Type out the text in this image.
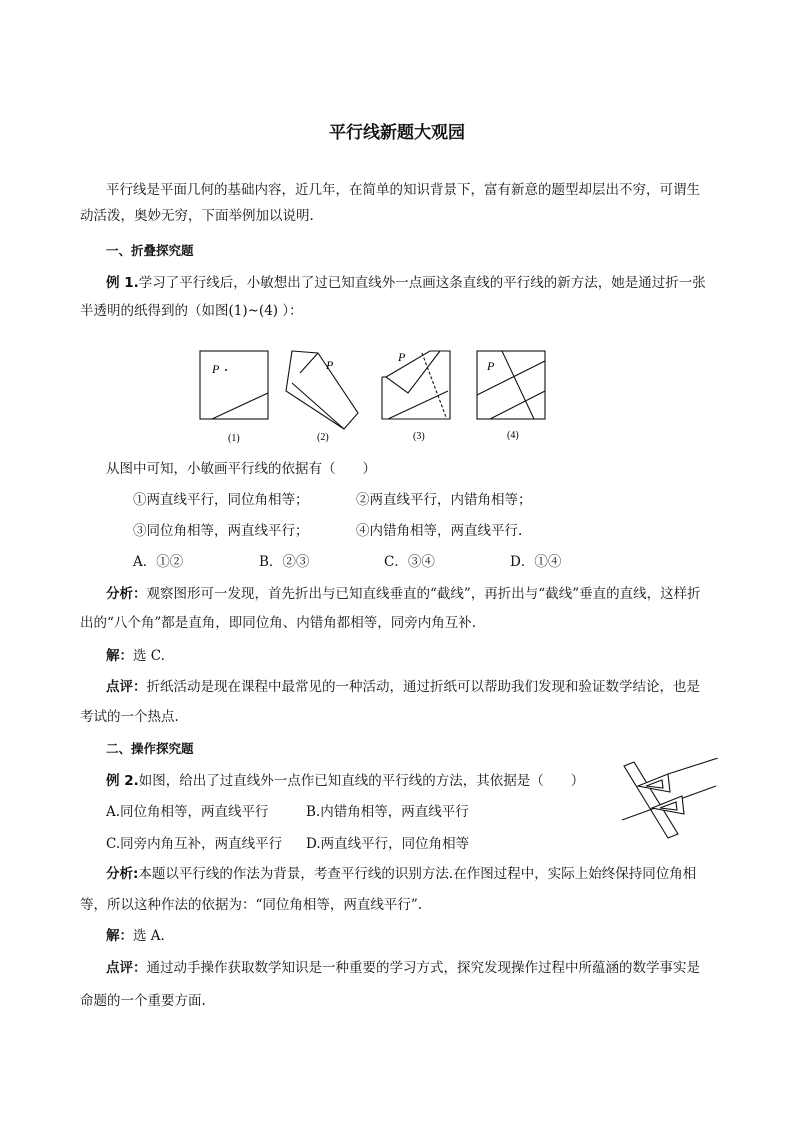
平行线新题大观园
平行线是平面几何的基础内容，近几年，在简单的知识背景下，富有新意的题型却层出不穷，可谓生
动活泼，奥妙无穷，下面举例加以说明.
一、折叠探究题
例 1.学习了平行线后，小敏想出了过已知直线外一点画这条直线的平行线的新方法，她是通过折一张
半透明的纸得到的（如图(1)~(4) ）：
P	P
P
P
(1)	(2)	(3)	(4)
从图中可知，小敏画平行线的依据有（　　）
①两直线平行，同位角相等；	②两直线平行，内错角相等；
③同位角相等，两直线平行；	④内错角相等，两直线平行.
A．①②	B．②③	C．③④	D．①④
分析：观察图形可一发现，首先折出与已知直线垂直的“截线”，再折出与“截线”垂直的直线，这样折
出的“八个角”都是直角，即同位角、内错角都相等，同旁内角互补.
解：选 C.
点评：折纸活动是现在课程中最常见的一种活动，通过折纸可以帮助我们发现和验证数学结论，也是
考试的一个热点.
二、操作探究题
例 2.如图，给出了过直线外一点作已知直线的平行线的方法，其依据是（　　）
A.同位角相等，两直线平行	B.内错角相等，两直线平行
C.同旁内角互补，两直线平行 D.两直线平行，同位角相等
分析:本题以平行线的作法为背景，考查平行线的识别方法.在作图过程中，实际上始终保持同位角相
等，所以这种作法的依据为：“同位角相等，两直线平行”.
解：选 A.
点评：通过动手操作获取数学知识是一种重要的学习方式，探究发现操作过程中所蕴涵的数学事实是
命题的一个重要方面.
